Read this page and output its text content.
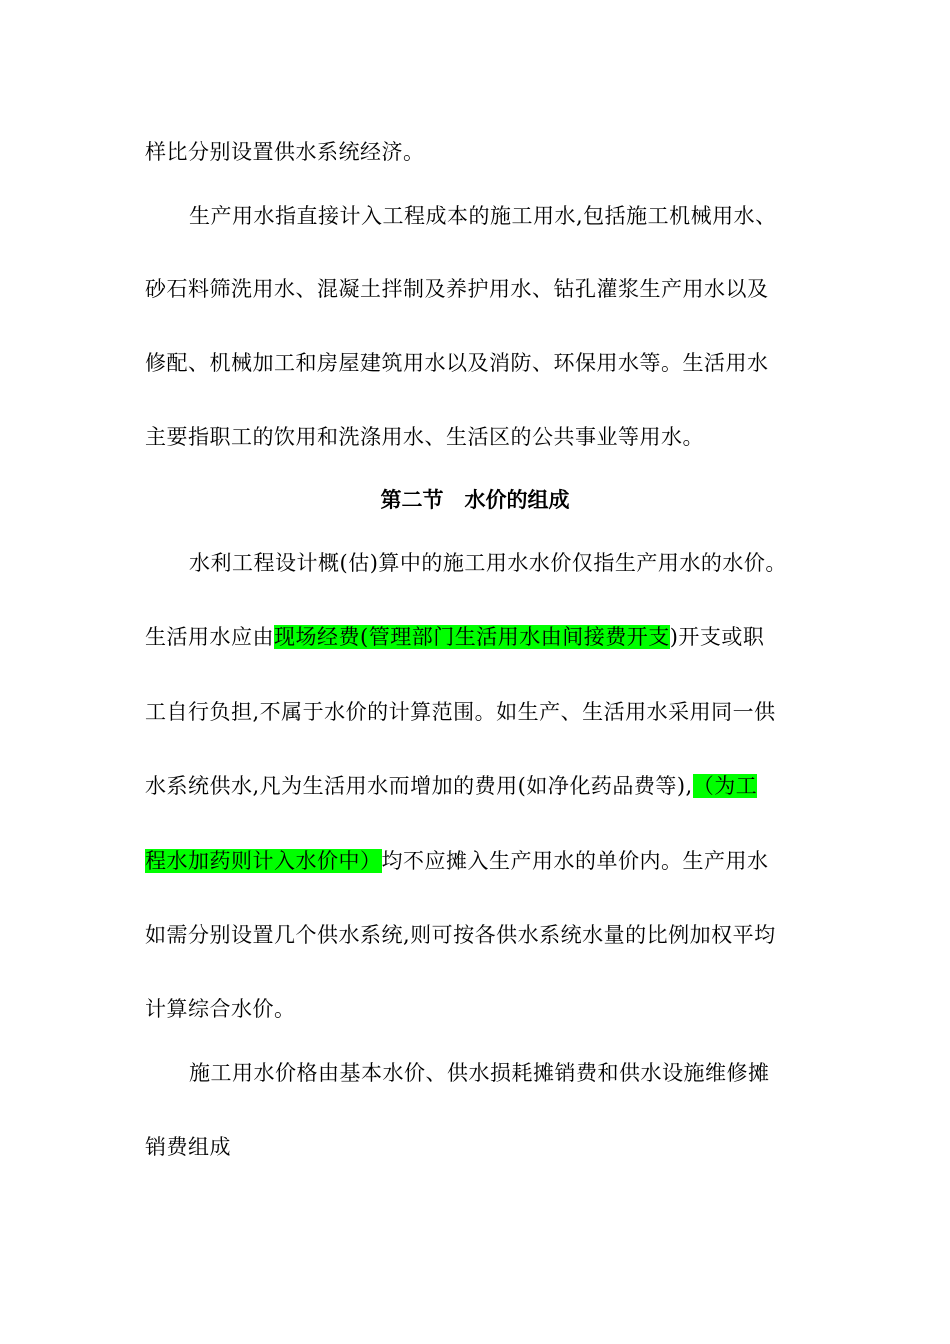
样比分别设置供水系统经济。
生产用水指直接计入工程成本的施工用水,包括施工机械用水、
砂石料筛洗用水、混凝土拌制及养护用水、钻孔灌浆生产用水以及
修配、机械加工和房屋建筑用水以及消防、环保用水等。生活用水
主要指职工的饮用和洗涤用水、生活区的公共事业等用水。
第二节　水价的组成
水利工程设计概(估)算中的施工用水水价仅指生产用水的水价。
生活用水应由现场经费(管理部门生活用水由间接费开支)开支或职
工自行负担,不属于水价的计算范围。如生产、生活用水采用同一供
水系统供水,凡为生活用水而增加的费用(如净化药品费等),（为工
程水加药则计入水价中）均不应摊入生产用水的单价内。生产用水
如需分别设置几个供水系统,则可按各供水系统水量的比例加权平均
计算综合水价。
施工用水价格由基本水价、供水损耗摊销费和供水设施维修摊
销费组成
